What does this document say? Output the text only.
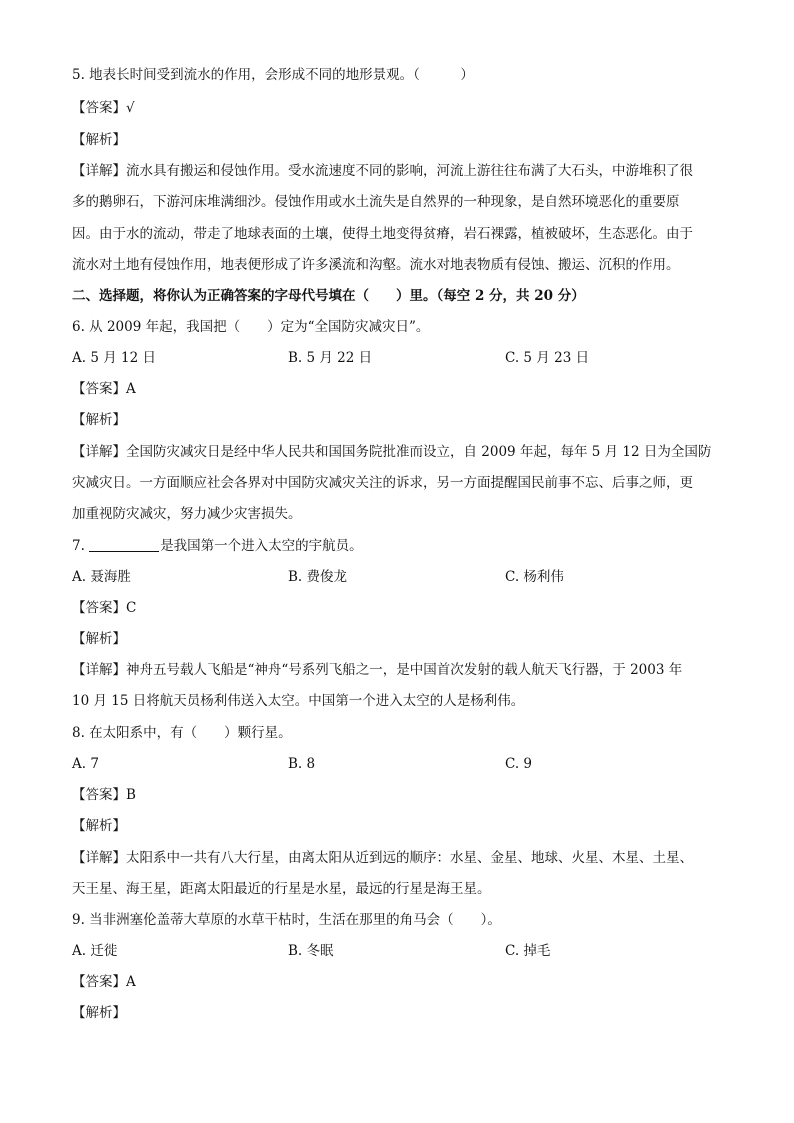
5. 地表长时间受到流水的作用，会形成不同的地形景观。（　　　）
【答案】√
【解析】
【详解】流水具有搬运和侵蚀作用。受水流速度不同的影响，河流上游往往布满了大石头，中游堆积了很
多的鹅卵石，下游河床堆满细沙。侵蚀作用或水土流失是自然界的一种现象，是自然环境恶化的重要原
因。由于水的流动，带走了地球表面的土壤，使得土地变得贫瘠，岩石裸露，植被破坏，生态恶化。由于
流水对土地有侵蚀作用，地表便形成了许多溪流和沟壑。流水对地表物质有侵蚀、搬运、沉积的作用。
二、选择题，将你认为正确答案的字母代号填在（　　）里。（每空 2 分，共 20 分）
6. 从 2009 年起，我国把（　　）定为“全国防灾减灾日”。
A. 5 月 12 日	B. 5 月 22 日	C. 5 月 23 日
【答案】A
【解析】
【详解】全国防灾减灾日是经中华人民共和国国务院批准而设立，自 2009 年起，每年 5 月 12 日为全国防
灾减灾日。一方面顺应社会各界对中国防灾减灾关注的诉求，另一方面提醒国民前事不忘、后事之师，更
加重视防灾减灾，努力减少灾害损失。
7.	是我国第一个进入太空的宇航员。
A. 聂海胜	B. 费俊龙	C. 杨利伟
【答案】C
【解析】
【详解】神舟五号载人飞船是“神舟“号系列飞船之一，是中国首次发射的载人航天飞行器，于 2003 年
10 月 15 日将航天员杨利伟送入太空。中国第一个进入太空的人是杨利伟。
8. 在太阳系中，有（　　）颗行星。
A. 7	B. 8	C. 9
【答案】B
【解析】
【详解】太阳系中一共有八大行星，由离太阳从近到远的顺序：水星、金星、地球、火星、木星、土星、
天王星、海王星，距离太阳最近的行星是水星，最远的行星是海王星。
9. 当非洲塞伦盖蒂大草原的水草干枯时，生活在那里的角马会（　　）。
A. 迁徙	B. 冬眠	C. 掉毛
【答案】A
【解析】
